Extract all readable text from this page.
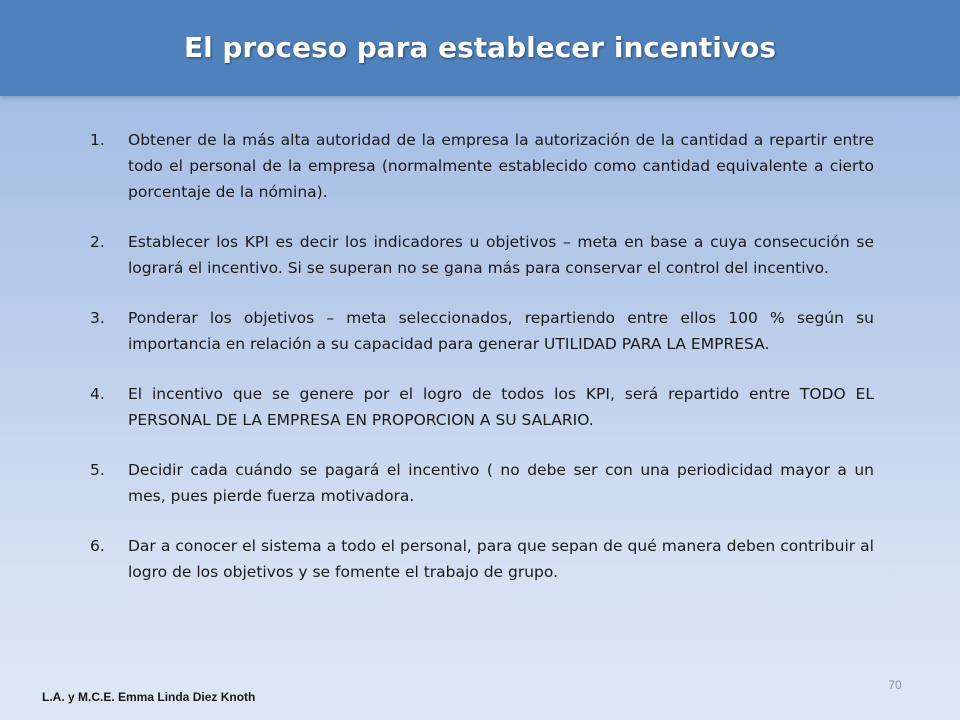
El proceso para establecer incentivos
1.	Obtener de la más alta autoridad de la empresa la autorización de la cantidad a repartir entre todo el personal de la empresa (normalmente establecido como cantidad equivalente a cierto porcentaje de la nómina).
2.	Establecer los KPI es decir los indicadores u objetivos – meta en base a cuya consecución se logrará el incentivo. Si se superan no se gana más para conservar el control del incentivo.
3.	Ponderar los objetivos – meta seleccionados, repartiendo entre ellos 100 % según su importancia en relación a su capacidad para generar UTILIDAD PARA LA EMPRESA.
4.	El incentivo que se genere por el logro de todos los KPI, será repartido entre TODO EL PERSONAL DE LA EMPRESA EN PROPORCION A SU SALARIO.
5.	Decidir cada cuándo se pagará el incentivo ( no debe ser con una periodicidad mayor a un mes, pues pierde fuerza motivadora.
6.	Dar a conocer el sistema a todo el personal, para que sepan de qué manera deben contribuir al logro de los objetivos y se fomente el trabajo de grupo.
L.A. y M.C.E. Emma Linda Diez Knoth
70
